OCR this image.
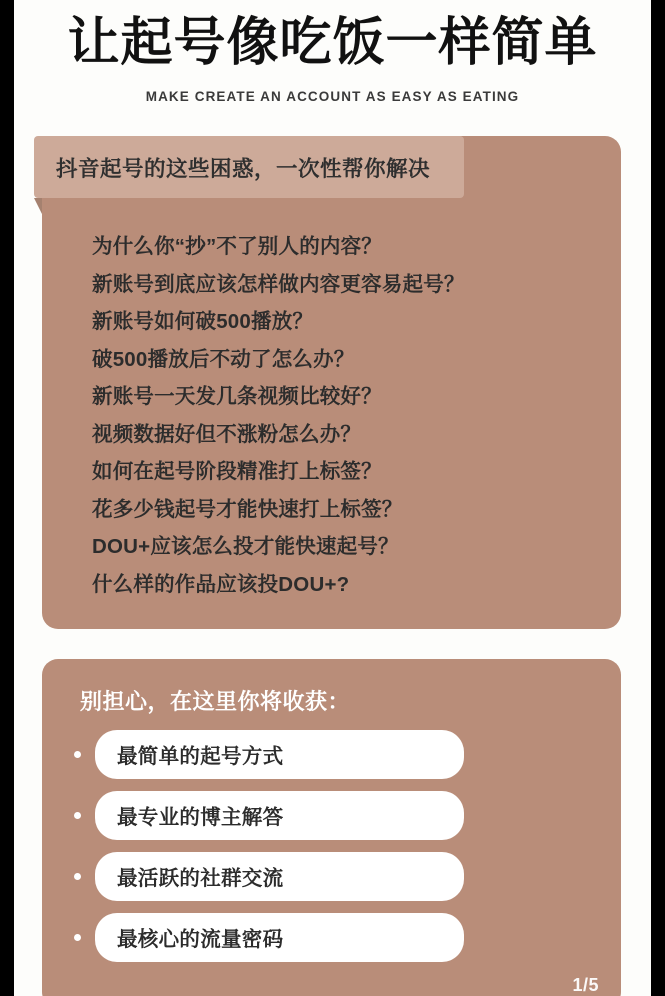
让起号像吃饭一样简单
MAKE CREATE AN ACCOUNT AS EASY AS EATING
抖音起号的这些困惑，一次性帮你解决
为什么你“抄”不了别人的内容？
新账号到底应该怎样做内容更容易起号？
新账号如何破500播放？
破500播放后不动了怎么办？
新账号一天发几条视频比较好？
视频数据好但不涨粉怎么办？
如何在起号阶段精准打上标签？
花多少钱起号才能快速打上标签？
DOU+应该怎么投才能快速起号？
什么样的作品应该投DOU+?
别担心，在这里你将收获：
最简单的起号方式
最专业的博主解答
最活跃的社群交流
最核心的流量密码
1/5
